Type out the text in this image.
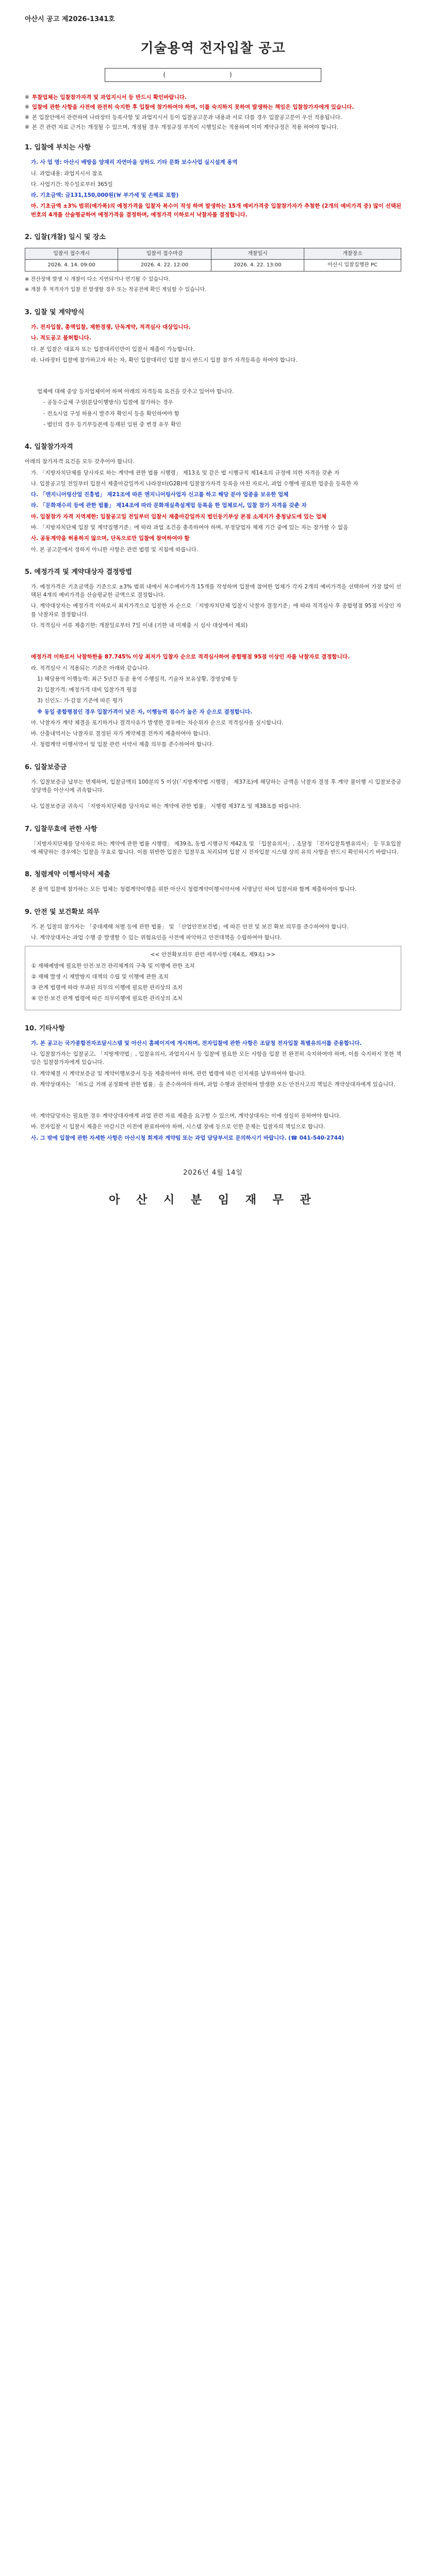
아산시 공고 제2026-1341호
기술용역 전자입찰 공고
( )
※ 투찰업체는 입찰참가자격 및 과업지시서 등 반드시 확인바랍니다.
※ 입찰에 관한 사항을 사전에 완전히 숙지한 후 입찰에 참가하여야 하며, 이를 숙지하지 못하여 발생하는 책임은 입찰참가자에게 있습니다.
※ 본 입찰안에서 관련하여 나라장터 등록사항 및 과업지시서 등이 입찰공고문과 내용과 서로 다를 경우 입찰공고문이 우선 적용됩니다.
※ 본 건 관련 자료 근거는 개정될 수 있으며, 개정될 경우 개정규정 부칙이 시행일로는 적용하며 이미 계약규정은 적용 하여야 합니다.
1. 입찰에 부치는 사항
가. 사 업 명: 아산시 배방읍 양재리 자연마을 상하도 기타 문화 보수사업 실시설계 용역
나. 과업내용: 과업지시서 참조
다. 사업기간: 착수일로부터 365일
라. 기초금액: 금131,150,000원(￦ 부가세 및 손해료 포함)
마. 기초금액 ±3% 범위(예가폭)의 예정가격을 입찰자 복수이 작성 하며 발생하는 15개 예비가격중 입찰참가자가 추첨한 (2개의 예비가격 중) 많이 선택된 번호의 4개를 산술평균하여 예정가격을 결정하며, 예정가격 이하로서 낙찰자를 결정합니다.
2. 입찰(개찰) 일시 및 장소
입찰서 접수개시	입찰서 접수마감	개찰일시	개찰장소
2026. 4. 14. 09:00	2026. 4. 22. 12:00	2026. 4. 22. 13:00	아산시 입찰집행관 PC
※ 전산장애 발생 시 개찰이 다소 지연되거나 연기될 수 있습니다.
※ 개찰 후 적격자가 입찰 전 발생할 경우 또는 착공전에 확인 게임할 수 있습니다.
3. 입찰 및 계약방식
가. 전자입찰, 총액입찰, 제한경쟁, 단독계약, 적격심사 대상입니다.
나. 적도공고 불허합니다.
다. 본 입찰은 대표자 또는 입찰대리인만이 입찰서 제출이 가능합니다.
라. 나라장터 입찰에 참가하고자 하는 자, 확인 입찰대리인 입찰 참시 반드시 입찰 참가 자격등록을 하여야 합니다.
업체에 대해 중앙 등지업체이어 하며 아래의 자격등록 요건을 갖추고 있어야 합니다.
- 공동수급체 구성(분담이행방식) 입찰에 참가하는 경우
- 컨소시엄 구성 허용시 발주자 확인서 등을 확인하여야 함
- 법인의 경우 등기부등본에 등재된 임원 중 변경 유무 확인
4. 입찰참가자격
아래의 참가자격 요건을 모두 갖추어야 합니다.
가. 「지방자치단체를 당사자로 하는 계약에 관한 법률 시행령」 제13조 및 같은 법 시행규칙 제14조의 규정에 의한 자격을 갖춘 자
나. 입찰공고일 전일부터 입찰서 제출마감일까지 나라장터(G2B)에 입찰참가자격 등록을 마친 자로서, 과업 수행에 필요한 업종을 등록한 자
다. 「엔지니어링산업 진흥법」 제21조에 따른 엔지니어링사업자 신고를 하고 해당 분야 업종을 보유한 업체
라. 「문화재수리 등에 관한 법률」 제14조에 따라 문화재실측설계업 등록을 한 업체로서, 입찰 참가 자격을 갖춘 자
마. 입찰참가 자격 지역제한: 입찰공고일 전일부터 입찰서 제출마감일까지 법인등기부상 본점 소재지가 충청남도에 있는 업체
바. 「지방자치단체 입찰 및 계약집행기준」에 따라 과업 조건을 충족하여야 하며, 부정당업자 제재 기간 중에 있는 자는 참가할 수 없음
사. 공동계약을 허용하지 않으며, 단독으로만 입찰에 참여하여야 함
아. 본 공고문에서 정하지 아니한 사항은 관련 법령 및 지침에 따릅니다.
5. 예정가격 및 계약대상자 결정방법
가. 예정가격은 기초금액을 기준으로 ±3% 범위 내에서 복수예비가격 15개를 작성하며 입찰에 참여한 업체가 각자 2개의 예비가격을 선택하여 가장 많이 선택된 4개의 예비가격을 산술평균한 금액으로 결정합니다.
나. 계약대상자는 예정가격 이하로서 최저가격으로 입찰한 자 순으로 「지방자치단체 입찰시 낙찰자 결정기준」에 따라 적격심사 후 종합평점 95점 이상인 자를 낙찰자로 결정합니다.
다. 적격심사 서류 제출기한: 개찰일로부터 7일 이내 (기한 내 미제출 시 심사 대상에서 제외)
예정가격 이하로서 낙찰하한율 87.745% 이상 최저가 입찰자 순으로 적격심사하여 종합평점 95점 이상인 자를 낙찰자로 결정합니다.
라. 적격심사 시 적용되는 기준은 아래와 같습니다.
1) 해당용역 이행능력: 최근 5년간 동종 용역 수행실적, 기술자 보유상황, 경영상태 등
2) 입찰가격: 예정가격 대비 입찰가격 평점
3) 신인도: 가·감점 기준에 따른 평가
※ 동일 종합평점인 경우 입찰가격이 낮은 자, 이행능력 점수가 높은 자 순으로 결정합니다.
마. 낙찰자가 계약 체결을 포기하거나 결격사유가 발생한 경우에는 차순위자 순으로 적격심사를 실시합니다.
바. 산출내역서는 낙찰자로 결정된 자가 계약체결 전까지 제출하여야 합니다.
사. 청렴계약 이행서약서 및 입찰 관련 서약서 제출 의무를 준수하여야 합니다.
6. 입찰보증금
가. 입찰보증금 납부는 면제하며, 입찰금액의 100분의 5 이상(「지방계약법 시행령」 제37조)에 해당하는 금액을 낙찰자 결정 후 계약 불이행 시 입찰보증금 상당액을 아산시에 귀속합니다.
나. 입찰보증금 귀속시 「지방자치단체를 당사자로 하는 계약에 관한 법률」 시행령 제37조 및 제38조를 따릅니다.
7. 입찰무효에 관한 사항
「지방자치단체를 당사자로 하는 계약에 관한 법률 시행령」 제39조, 동법 시행규칙 제42조 및 「입찰유의서」, 조달청 「전자입찰특별유의서」 등 무효입찰에 해당하는 경우에는 입찰을 무효로 합니다. 이를 위반한 입찰은 입찰무효 처리되며 입찰 시 전자입찰 시스템 상의 유의 사항을 반드시 확인하시기 바랍니다.
8. 청렴계약 이행서약서 제출
본 용역 입찰에 참가하는 모든 업체는 청렴계약이행을 위한 아산시 청렴계약이행서약서에 서명날인 하여 입찰서와 함께 제출하여야 합니다.
9. 안전 및 보건확보 의무
가. 본 입찰의 참가자는 「중대재해 처벌 등에 관한 법률」 및 「산업안전보건법」에 따른 안전 및 보건 확보 의무를 준수하여야 합니다.
나. 계약상대자는 과업 수행 중 발생할 수 있는 위험요인을 사전에 파악하고 안전대책을 수립하여야 합니다.
<< 안전확보의무 관련 세부사항 (제4조, 제9조) >>
① 재해예방에 필요한 안전·보건 관리체계의 구축 및 이행에 관한 조치
② 재해 발생 시 재발방지 대책의 수립 및 이행에 관한 조치
③ 관계 법령에 따라 부과된 의무의 이행에 필요한 관리상의 조치
④ 안전·보건 관계 법령에 따른 의무이행에 필요한 관리상의 조치
10. 기타사항
가. 본 공고는 국가종합전자조달시스템 및 아산시 홈페이지에 게시하며, 전자입찰에 관한 사항은 조달청 전자입찰 특별유의서를 준용합니다.
나. 입찰참가자는 입찰공고, 「지방계약법」, 입찰유의서, 과업지시서 등 입찰에 필요한 모든 사항을 입찰 전 완전히 숙지하여야 하며, 이를 숙지하지 못한 책임은 입찰참가자에게 있습니다.
다. 계약체결 시 계약보증금 및 계약이행보증서 등을 제출하여야 하며, 관련 법령에 따른 인지세를 납부하여야 합니다.
라. 계약상대자는 「하도급 거래 공정화에 관한 법률」을 준수하여야 하며, 과업 수행과 관련하여 발생한 모든 안전사고의 책임은 계약상대자에게 있습니다.
마. 계약담당자는 필요한 경우 계약상대자에게 과업 관련 자료 제출을 요구할 수 있으며, 계약상대자는 이에 성실히 응하여야 합니다.
바. 전자입찰 시 입찰서 제출은 마감시간 이전에 완료하여야 하며, 시스템 장애 등으로 인한 문제는 입찰자의 책임으로 합니다.
사. 그 밖에 입찰에 관한 자세한 사항은 아산시청 회계과 계약팀 또는 과업 담당부서로 문의하시기 바랍니다. (☎ 041-540-2744)
2026년 4월 14일
아 산 시 분 임 재 무 관
